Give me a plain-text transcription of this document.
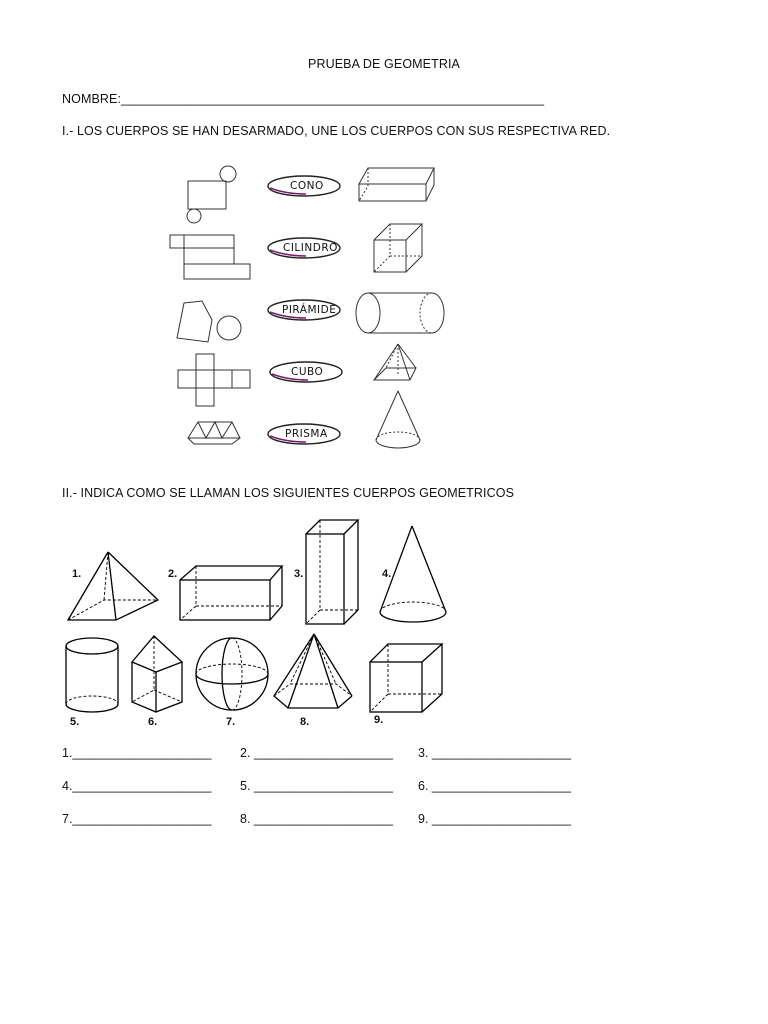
PRUEBA DE GEOMETRIA
NOMBRE:____________________________________________________________
I.- LOS CUERPOS SE HAN DESARMADO, UNE LOS CUERPOS CON SUS RESPECTIVA RED.
CONO
CILINDRO
PIRÁMIDE
CUBO
PRISMA
II.- INDICA COMO SE LLAMAN LOS SIGUIENTES CUERPOS GEOMETRICOS
1.	2.	3.	4.
5.	6.	7.	8.	9.
1.____________________ 2. ____________________ 3. ____________________
4.____________________ 5. ____________________ 6. ____________________
7.____________________ 8. ____________________ 9. ____________________
